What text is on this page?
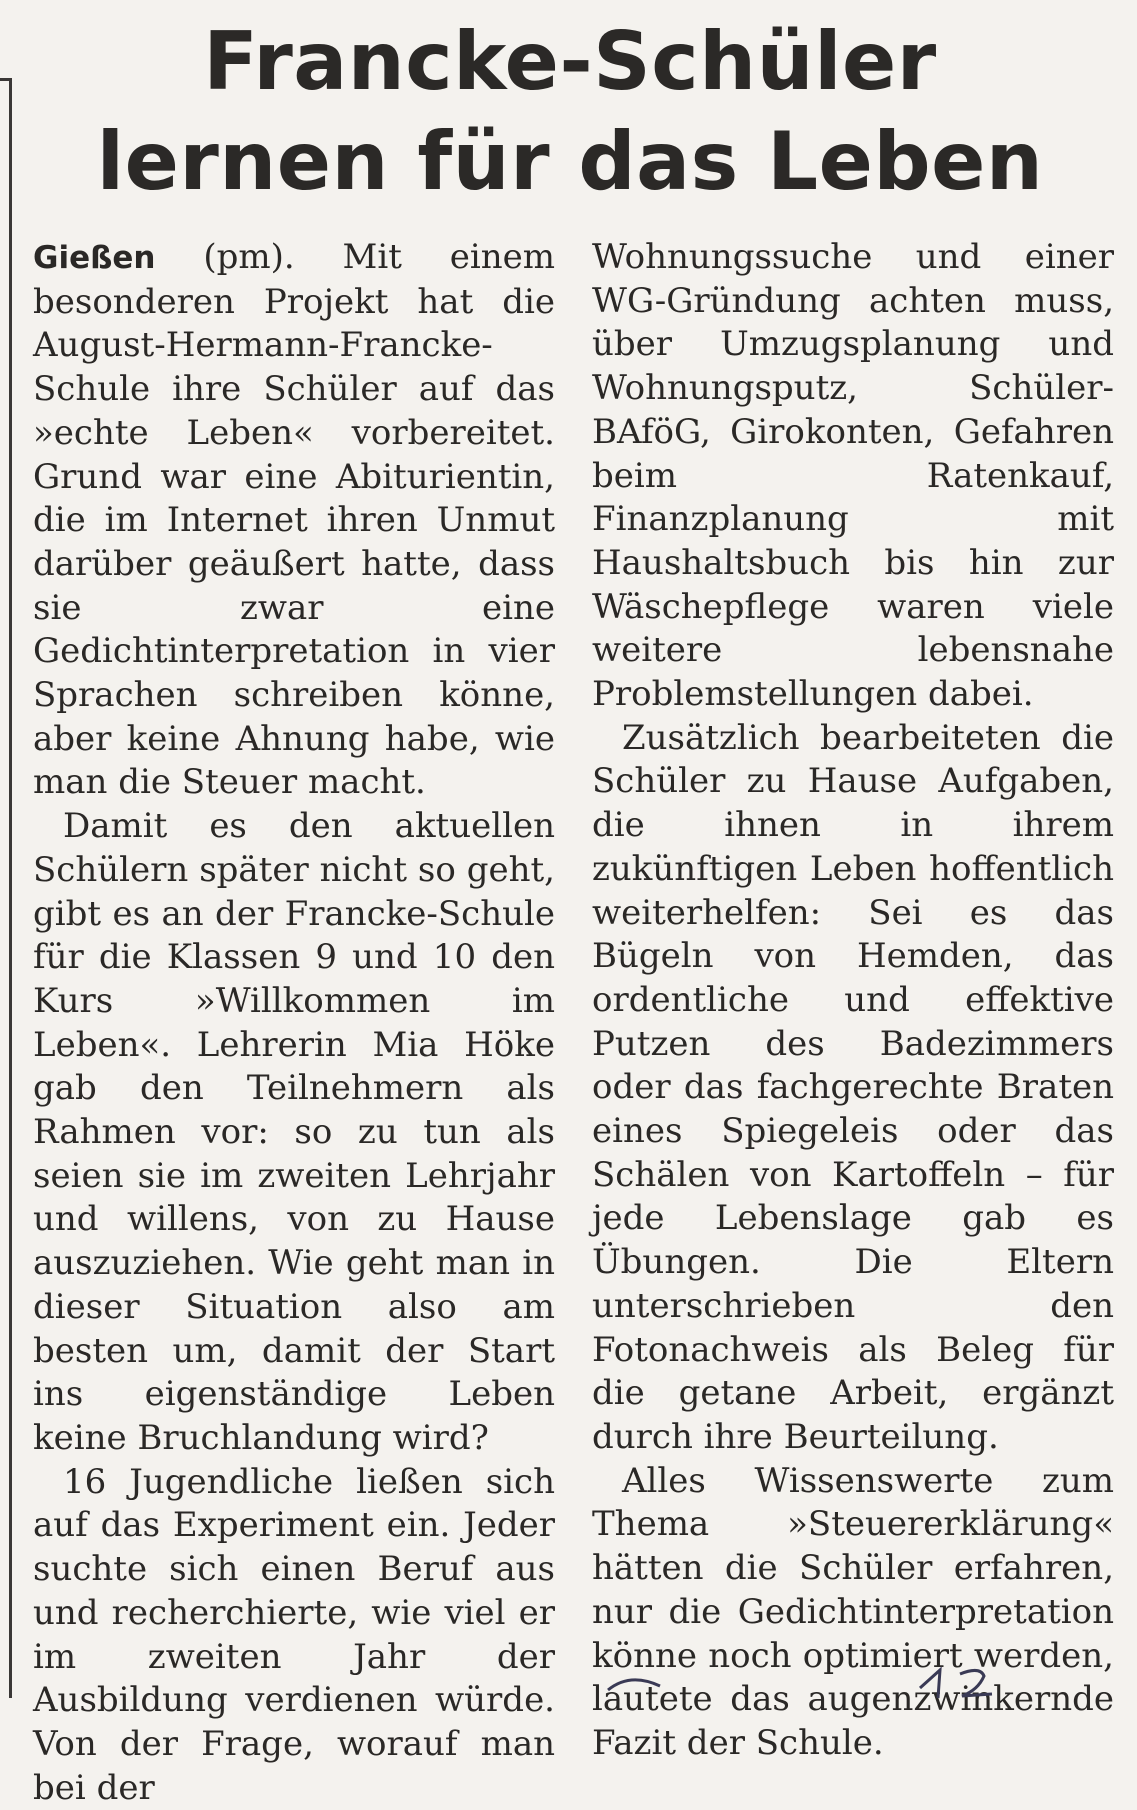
Francke-Schüler
lernen für das Leben

Gießen (pm). Mit einem besonderen Projekt hat die August-Hermann-Francke-Schule ihre Schüler auf das »echte Leben« vorbereitet. Grund war eine Abiturientin, die im Internet ihren Unmut darüber geäußert hatte, dass sie zwar eine Gedichtinterpretation in vier Sprachen schreiben könne, aber keine Ahnung habe, wie man die Steuer macht.

Damit es den aktuellen Schülern später nicht so geht, gibt es an der Francke-Schule für die Klassen 9 und 10 den Kurs »Willkommen im Leben«. Lehrerin Mia Höke gab den Teilnehmern als Rahmen vor: so zu tun als seien sie im zweiten Lehrjahr und willens, von zu Hause auszuziehen. Wie geht man in dieser Situation also am besten um, damit der Start ins eigenständige Leben keine Bruchlandung wird?

16 Jugendliche ließen sich auf das Experiment ein. Jeder suchte sich einen Beruf aus und recherchierte, wie viel er im zweiten Jahr der Ausbildung verdienen würde. Von der Frage, worauf man bei der

Wohnungssuche und einer WG-Gründung achten muss, über Umzugsplanung und Wohnungsputz, Schüler-BAföG, Girokonten, Gefahren beim Ratenkauf, Finanzplanung mit Haushaltsbuch bis hin zur Wäschepflege waren viele weitere lebensnahe Problemstellungen dabei.

Zusätzlich bearbeiteten die Schüler zu Hause Aufgaben, die ihnen in ihrem zukünftigen Leben hoffentlich weiterhelfen: Sei es das Bügeln von Hemden, das ordentliche und effektive Putzen des Badezimmers oder das fachgerechte Braten eines Spiegeleis oder das Schälen von Kartoffeln – für jede Lebenslage gab es Übungen. Die Eltern unterschrieben den Fotonachweis als Beleg für die getane Arbeit, ergänzt durch ihre Beurteilung.

Alles Wissenswerte zum Thema »Steuererklärung« hätten die Schüler erfahren, nur die Gedichtinterpretation könne noch optimiert werden, lautete das augenzwinkernde Fazit der Schule.
